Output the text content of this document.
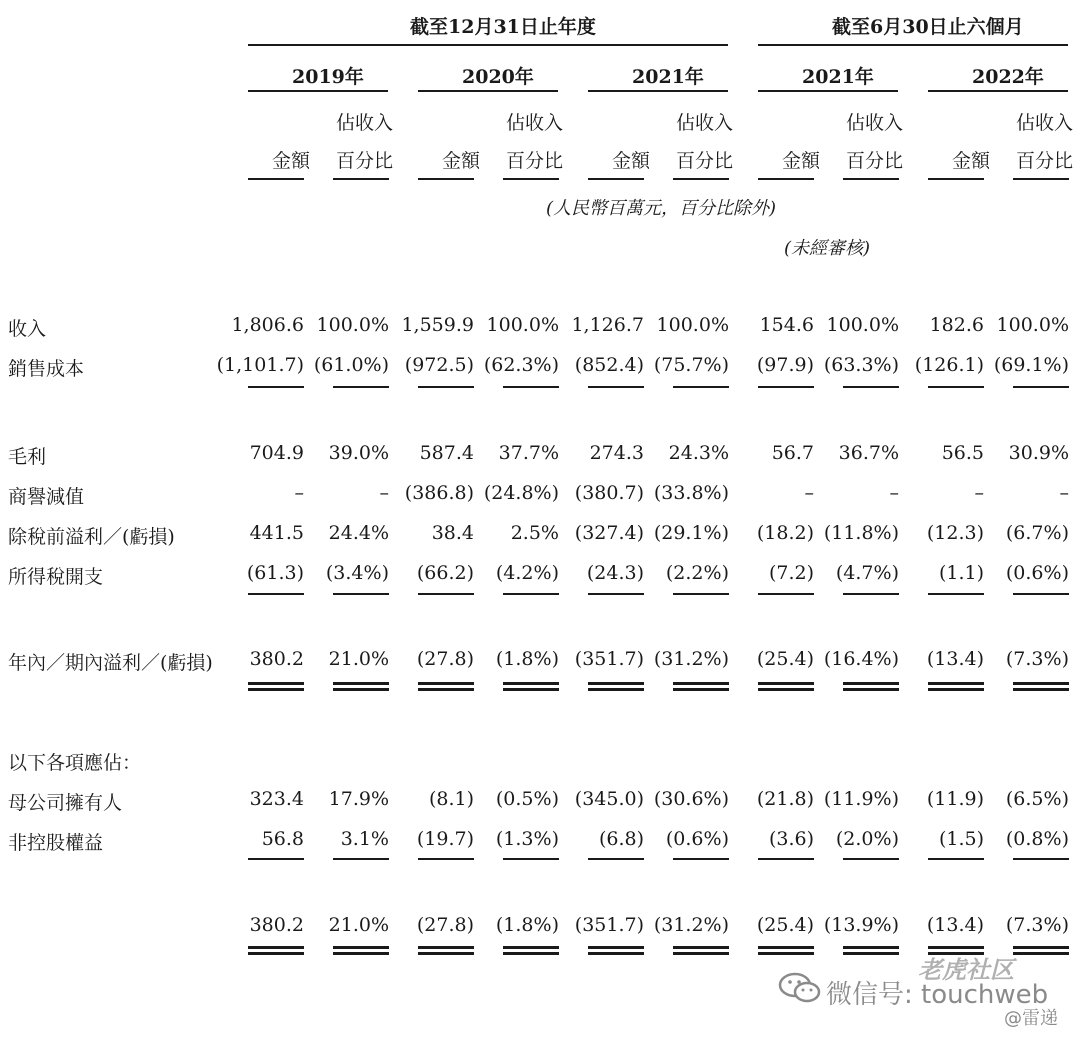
截至12月31日止年度	截至6月30日止六個月
2019年	2020年	2021年	2021年	2022年
佔收入	佔收入	佔收入	佔收入	佔收入
金額 百分比	金額 百分比	金額 百分比	金額 百分比	金額 百分比
(人民幣百萬元，百分比除外)
(未經審核)
收入	1,806.6 100.0% 1,559.9 100.0% 1,126.7 100.0% 154.6 100.0% 182.6 100.0%
銷售成本	(1,101.7) (61.0%) (972.5) (62.3%) (852.4) (75.7%) (97.9) (63.3%) (126.1) (69.1%)
毛利	704.9 39.0% 587.4 37.7% 274.3 24.3% 56.7 36.7% 56.5 30.9%
商譽減值	–	– (386.8) (24.8%) (380.7) (33.8%)	–	–	–	–
除稅前溢利／(虧損)	441.5 24.4% 38.4 2.5% (327.4) (29.1%) (18.2) (11.8%) (12.3) (6.7%)
所得稅開支	(61.3) (3.4%) (66.2) (4.2%) (24.3) (2.2%) (7.2) (4.7%) (1.1) (0.6%)
年內／期內溢利／(虧損) 380.2 21.0% (27.8) (1.8%) (351.7) (31.2%) (25.4) (16.4%) (13.4) (7.3%)
以下各項應佔：
母公司擁有人	323.4 17.9% (8.1) (0.5%) (345.0) (30.6%) (21.8) (11.9%) (11.9) (6.5%)
非控股權益	56.8 3.1% (19.7) (1.3%) (6.8) (0.6%) (3.6) (2.0%) (1.5) (0.8%)
380.2 21.0% (27.8) (1.8%) (351.7) (31.2%) (25.4) (13.9%) (13.4) (7.3%)
微信号: touchweb
老虎社区
@雷递
